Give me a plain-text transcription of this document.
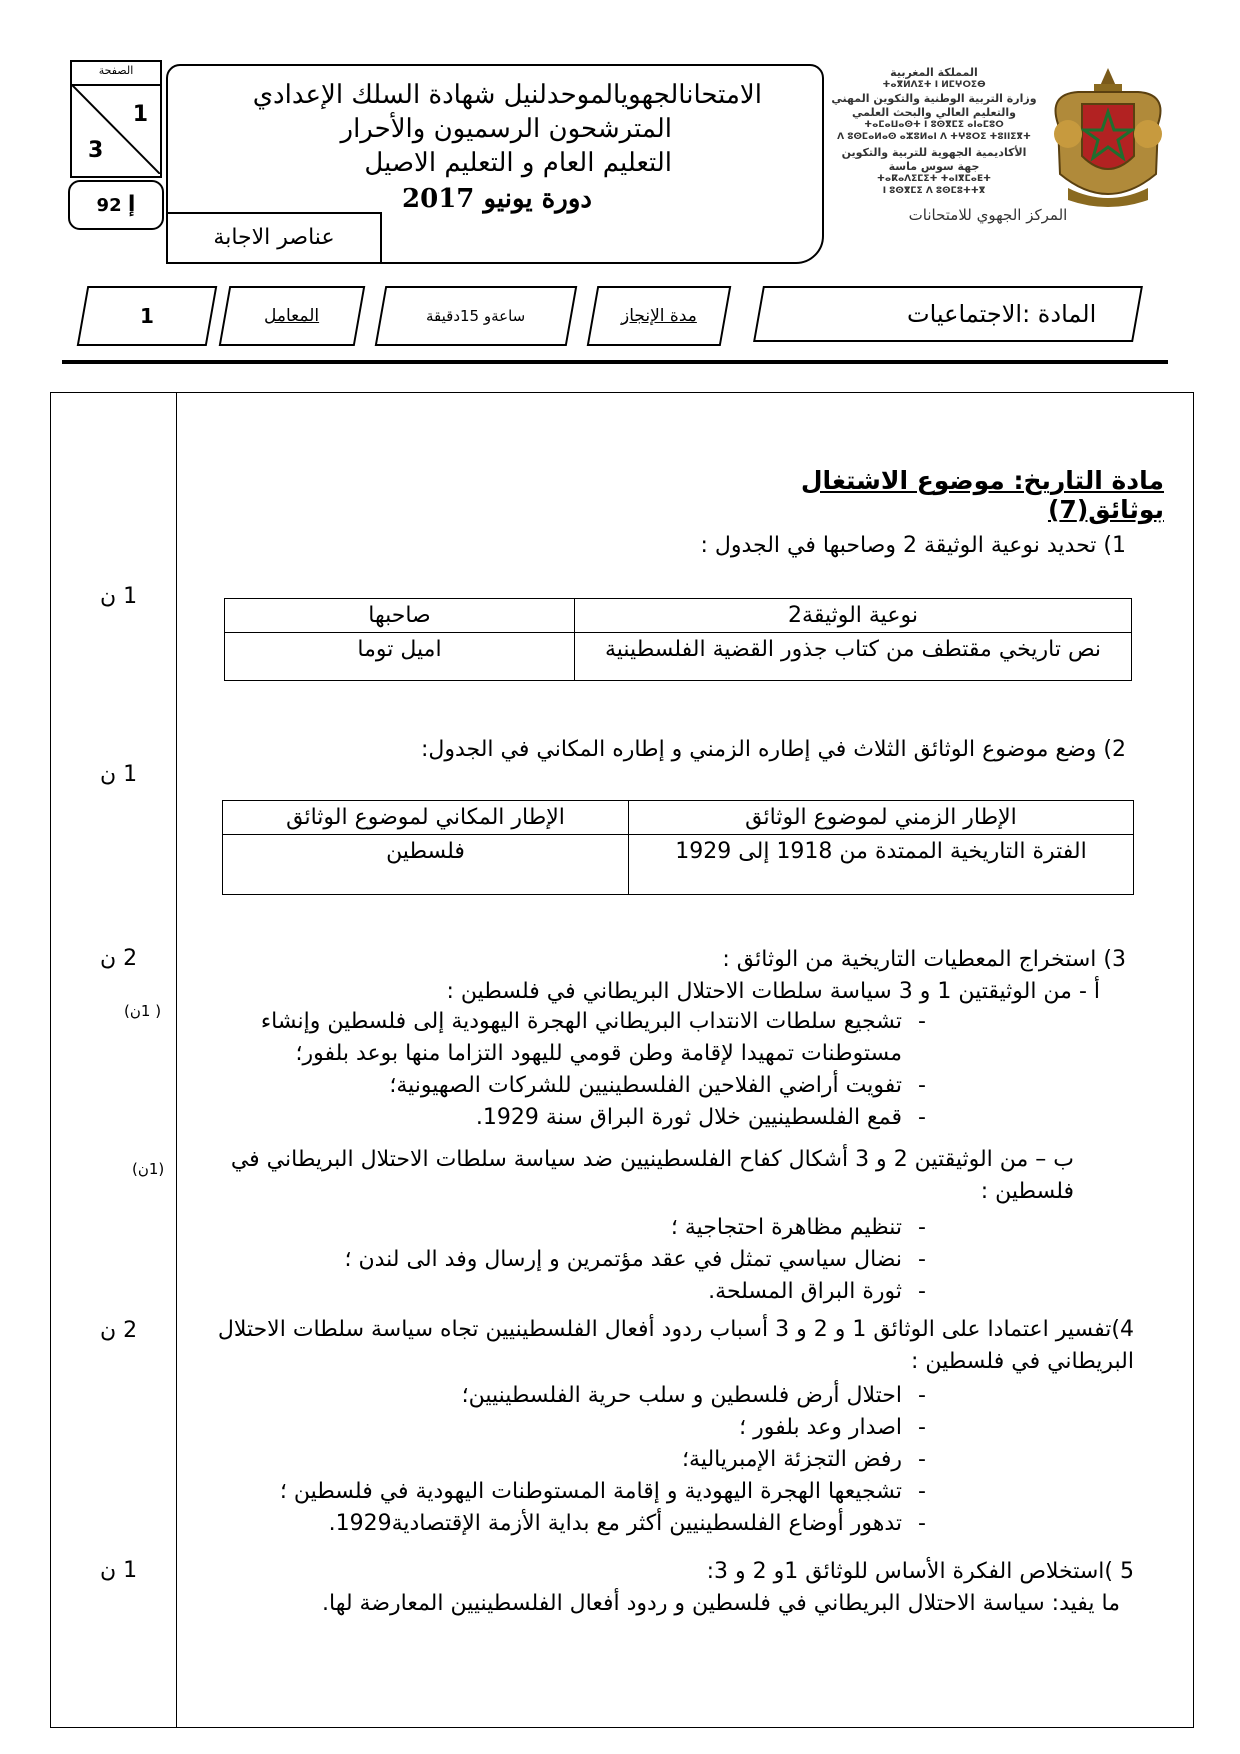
الصفحة
1
3
إ 92
الامتحانالجهويالموحدلنيل شهادة السلك الإعدادي
المترشحون الرسميون والأحرار
التعليم العام و التعليم الاصيل
دورة يونيو 2017
عناصر الاجابة
المملكة المغربية
ⵜⴰⴳⵍⴷⵉⵜ ⵏ ⵍⵎⵖⵔⵉⴱ
وزارة التربية الوطنية والتكوين المهني
والتعليم العالي والبحث العلمي
ⵜⴰⵎⴰⵡⴰⵙⵜ ⵏ ⵓⵙⴳⵎⵉ ⴰⵏⴰⵎⵓⵔ
ⴷ ⵓⵙⵎⴰⵍⴰⵙ ⴰⵣⵓⵍⴰⵏ ⴷ ⵜⵖⵓⵔⵉ ⵜⵓⵏⵏⵉⴳⵜ
الأكاديمية الجهوية للتربية والتكوين
جهة سوس ماسة
ⵜⴰⴽⴰⴷⵉⵎⵉⵜ ⵜⴰⵏⴳⵎⴰⴹⵜ
ⵏ ⵓⵙⴳⵎⵉ ⴷ ⵓⵙⵎⵓⵜⵜⴳ
المركز الجهوي للامتحانات
1	المعامل	ساعةو 15دقيقة	مدة الإنجاز	المادة :الاجتماعيات
1 ن
1 ن
2 ن
( 1ن)
(1ن)
2 ن
1 ن
مادة التاريخ: موضوع الاشتغال بوثائق(7)
1) تحديد نوعية الوثيقة 2 وصاحبها في الجدول :
نوعية الوثيقة2	صاحبها
نص تاريخي مقتطف من كتاب جذور القضية الفلسطينية	اميل توما
2) وضع موضوع الوثائق الثلاث في إطاره الزمني و إطاره المكاني في الجدول:
الإطار الزمني لموضوع الوثائق	الإطار المكاني لموضوع الوثائق
الفترة التاريخية الممتدة من 1918 إلى 1929	فلسطين
3) استخراج المعطيات التاريخية من الوثائق :
أ - من الوثيقتين 1 و 3 سياسة سلطات الاحتلال البريطاني في فلسطين :
- تشجيع سلطات الانتداب البريطاني الهجرة اليهودية إلى فلسطين وإنشاء مستوطنات تمهيدا لإقامة وطن قومي لليهود التزاما منها بوعد بلفور؛
- تفويت أراضي الفلاحين الفلسطينيين للشركات الصهيونية؛
- قمع الفلسطينيين خلال ثورة البراق سنة 1929.
ب – من الوثيقتين 2 و 3 أشكال كفاح الفلسطينيين ضد سياسة سلطات الاحتلال البريطاني في فلسطين :
- تنظيم مظاهرة احتجاجية ؛
- نضال سياسي تمثل في عقد مؤتمرين و إرسال وفد الى لندن ؛
- ثورة البراق المسلحة.
4)تفسير اعتمادا على الوثائق 1 و 2 و 3 أسباب ردود أفعال الفلسطينيين تجاه سياسة سلطات الاحتلال البريطاني في فلسطين :
- احتلال أرض فلسطين و سلب حرية الفلسطينيين؛
- اصدار وعد بلفور ؛
- رفض التجزئة الإمبريالية؛
- تشجيعها الهجرة اليهودية و إقامة المستوطنات اليهودية في فلسطين ؛
- تدهور أوضاع الفلسطينيين أكثر مع بداية الأزمة الإقتصادية1929.
5 )استخلاص الفكرة الأساس للوثائق 1و 2 و 3:
ما يفيد: سياسة الاحتلال البريطاني في فلسطين و ردود أفعال الفلسطينيين المعارضة لها.
